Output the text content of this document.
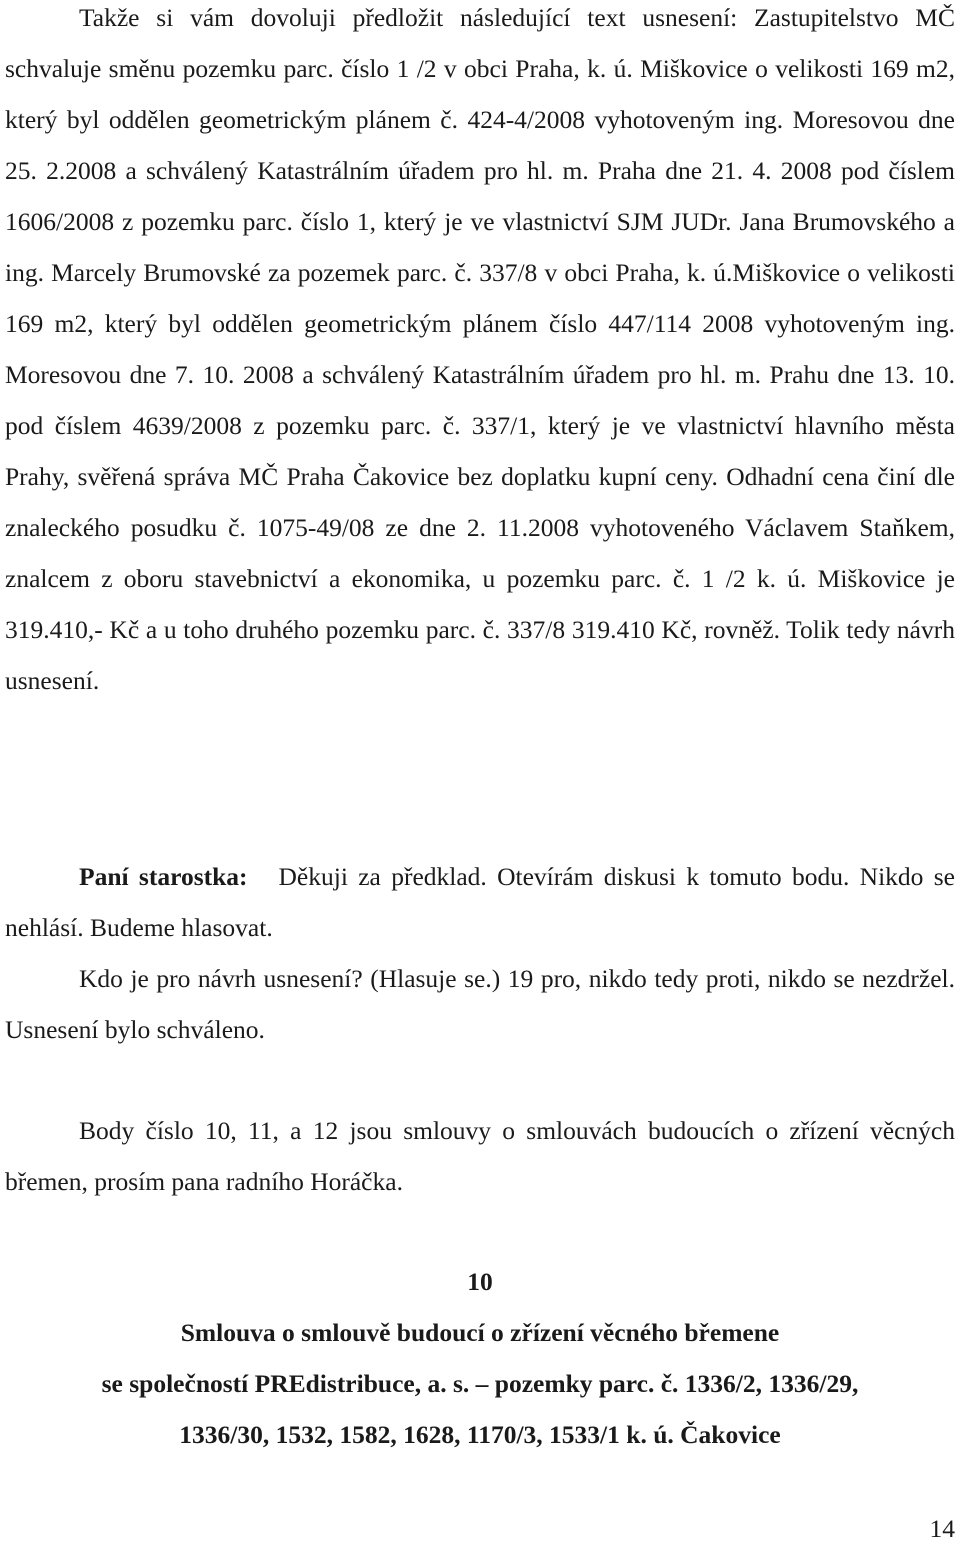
Takže si vám dovoluji předložit následující text usnesení: Zastupitelstvo MČ schvaluje směnu pozemku parc. číslo 1 /2 v obci Praha, k. ú. Miškovice o velikosti 169 m2, který byl oddělen geometrickým plánem č. 424-4/2008 vyhotoveným ing. Moresovou dne 25. 2.2008 a schválený Katastrálním úřadem pro hl. m. Praha dne 21. 4. 2008 pod číslem 1606/2008 z pozemku parc. číslo 1, který je ve vlastnictví SJM JUDr. Jana Brumovského a ing. Marcely Brumovské za pozemek parc. č. 337/8 v obci Praha, k. ú.Miškovice o velikosti 169 m2, který byl oddělen geometrickým plánem číslo 447/114 2008 vyhotoveným ing. Moresovou dne 7. 10. 2008 a schválený Katastrálním úřadem pro hl. m. Prahu dne 13. 10. pod číslem 4639/2008 z pozemku parc. č. 337/1, který je ve vlastnictví hlavního města Prahy, svěřená správa MČ Praha Čakovice bez doplatku kupní ceny. Odhadní cena činí dle znaleckého posudku č. 1075-49/08 ze dne 2. 11.2008 vyhotoveného Václavem Staňkem, znalcem z oboru stavebnictví a ekonomika, u pozemku parc. č. 1 /2 k. ú. Miškovice je 319.410,- Kč a u toho druhého pozemku parc. č. 337/8 319.410 Kč, rovněž. Tolik tedy návrh usnesení.

Paní starostka: Děkuji za předklad. Otevírám diskusi k tomuto bodu. Nikdo se nehlásí. Budeme hlasovat.

Kdo je pro návrh usnesení? (Hlasuje se.) 19 pro, nikdo tedy proti, nikdo se nezdržel. Usnesení bylo schváleno.

Body číslo 10, 11, a 12 jsou smlouvy o smlouvách budoucích o zřízení věcných břemen, prosím pana radního Horáčka.

10
Smlouva o smlouvě budoucí o zřízení věcného břemene
se společností PREdistribuce, a. s. – pozemky parc. č. 1336/2, 1336/29,
1336/30, 1532, 1582, 1628, 1170/3, 1533/1 k. ú. Čakovice
14
